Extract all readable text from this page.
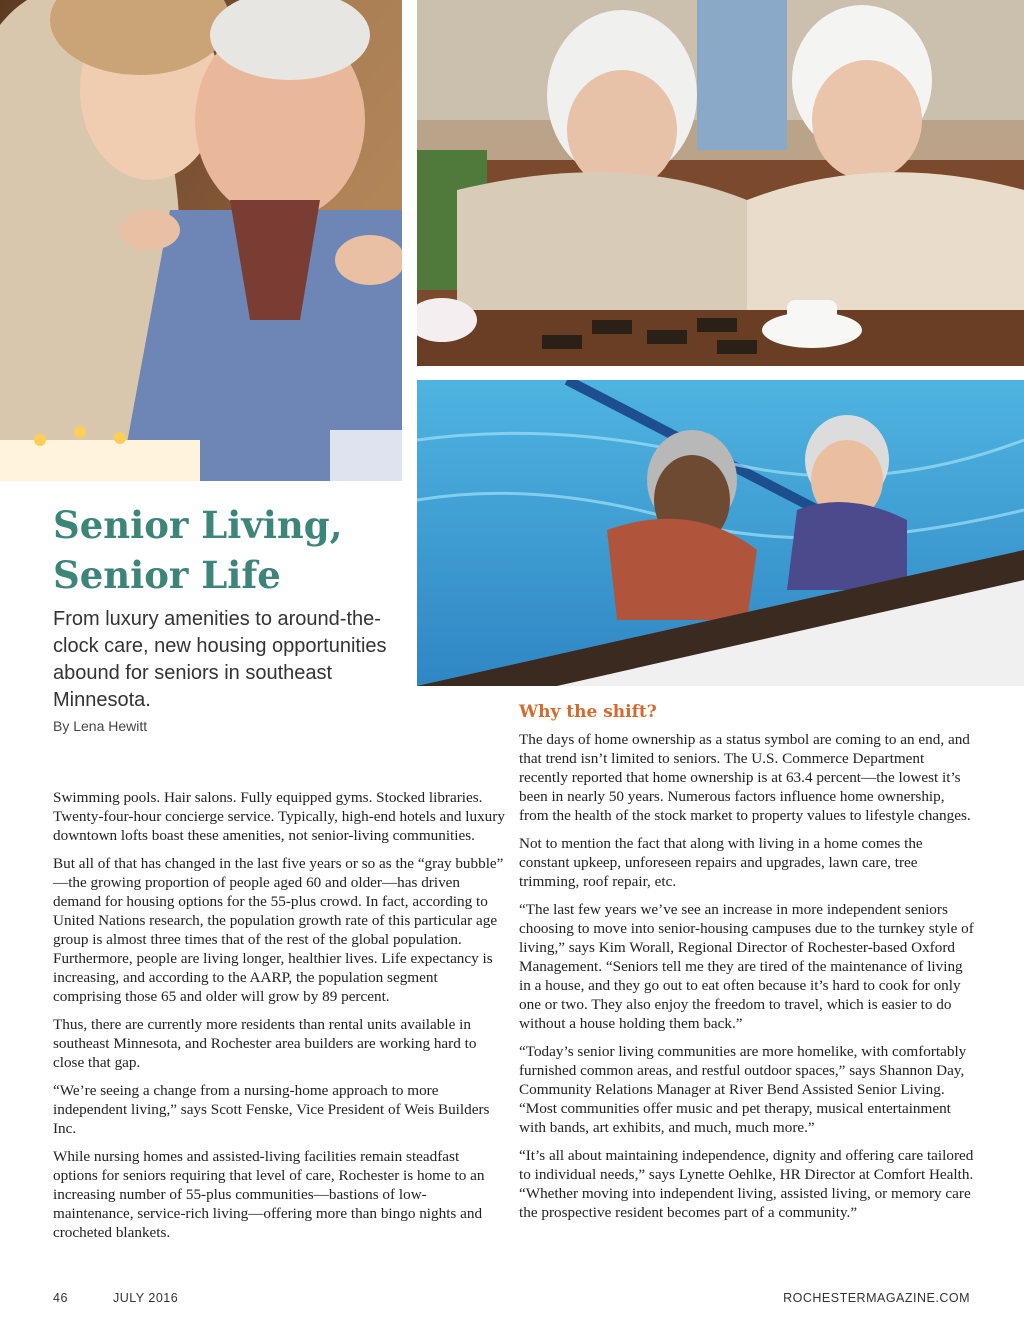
Senior Living,
Senior Life

From luxury amenities to around-the-clock care, new housing opportunities abound for seniors in southeast Minnesota.

By Lena Hewitt

Swimming pools. Hair salons. Fully equipped gyms. Stocked libraries. Twenty-four-hour concierge service. Typically, high-end hotels and luxury downtown lofts boast these amenities, not senior-living communities.

But all of that has changed in the last five years or so as the “gray bubble” —the growing proportion of people aged 60 and older—has driven demand for housing options for the 55-plus crowd. In fact, according to United Nations research, the population growth rate of this particular age group is almost three times that of the rest of the global population. Furthermore, people are living longer, healthier lives. Life expectancy is increasing, and according to the AARP, the population segment comprising those 65 and older will grow by 89 percent.

Thus, there are currently more residents than rental units available in southeast Minnesota, and Rochester area builders are working hard to close that gap.

“We’re seeing a change from a nursing-home approach to more independent living,” says Scott Fenske, Vice President of Weis Builders Inc.

While nursing homes and assisted-living facilities remain steadfast options for seniors requiring that level of care, Rochester is home to an increasing number of 55-plus communities—bastions of low-maintenance, service-rich living—offering more than bingo nights and crocheted blankets.

Why the shift?

The days of home ownership as a status symbol are coming to an end, and that trend isn’t limited to seniors. The U.S. Commerce Department recently reported that home ownership is at 63.4 percent—the lowest it’s been in nearly 50 years. Numerous factors influence home ownership, from the health of the stock market to property values to lifestyle changes.

Not to mention the fact that along with living in a home comes the constant upkeep, unforeseen repairs and upgrades, lawn care, tree trimming, roof repair, etc.

“The last few years we’ve see an increase in more independent seniors choosing to move into senior-housing campuses due to the turnkey style of living,” says Kim Worall, Regional Director of Rochester-based Oxford Management. “Seniors tell me they are tired of the maintenance of living in a house, and they go out to eat often because it’s hard to cook for only one or two. They also enjoy the freedom to travel, which is easier to do without a house holding them back.”

“Today’s senior living communities are more homelike, with comfortably furnished common areas, and restful outdoor spaces,” says Shannon Day, Community Relations Manager at River Bend Assisted Senior Living. “Most communities offer music and pet therapy, musical entertainment with bands, art exhibits, and much, much more.”

“It’s all about maintaining independence, dignity and offering care tailored to individual needs,” says Lynette Oehlke, HR Director at Comfort Health. “Whether moving into independent living, assisted living, or memory care the prospective resident becomes part of a community.”

46	JULY 2016	ROCHESTERMAGAZINE.COM
